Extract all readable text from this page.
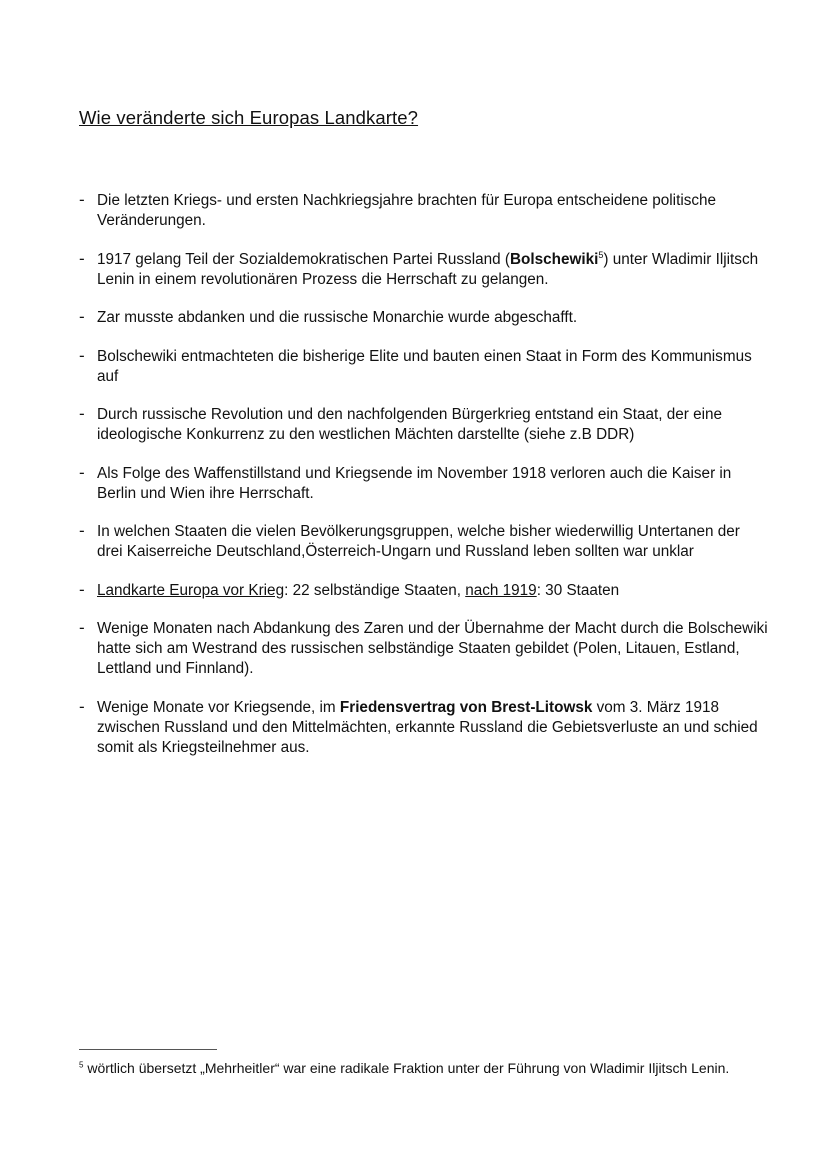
Wie veränderte sich Europas Landkarte?
- Die letzten Kriegs- und ersten Nachkriegsjahre brachten für Europa entscheidene politische Veränderungen.
- 1917 gelang Teil der Sozialdemokratischen Partei Russland (Bolschewiki$^5$) unter Wladimir Iljitsch Lenin in einem revolutionären Prozess die Herrschaft zu gelangen.
- Zar musste abdanken und die russische Monarchie wurde abgeschafft.
- Bolschewiki entmachteten die bisherige Elite und bauten einen Staat in Form des Kommunismus auf
- Durch russische Revolution und den nachfolgenden Bürgerkrieg entstand ein Staat, der eine ideologische Konkurrenz zu den westlichen Mächten darstellte (siehe z.B DDR)
- Als Folge des Waffenstillstand und Kriegsende im November 1918 verloren auch die Kaiser in Berlin und Wien ihre Herrschaft.
- In welchen Staaten die vielen Bevölkerungsgruppen, welche bisher wiederwillig Untertanen der drei Kaiserreiche Deutschland,Österreich-Ungarn und Russland leben sollten war unklar
- Landkarte Europa vor Krieg: 22 selbständige Staaten, nach 1919: 30 Staaten
- Wenige Monaten nach Abdankung des Zaren und der Übernahme der Macht durch die Bolschewiki hatte sich am Westrand des russischen selbständige Staaten gebildet (Polen, Litauen, Estland, Lettland und Finnland).
- Wenige Monate vor Kriegsende, im Friedensvertrag von Brest-Litowsk vom 3. März 1918 zwischen Russland und den Mittelmächten, erkannte Russland die Gebietsverluste an und schied somit als Kriegsteilnehmer aus.
$^5$ wörtlich übersetzt „Mehrheitler“ war eine radikale Fraktion unter der Führung von Wladimir Iljitsch Lenin.
